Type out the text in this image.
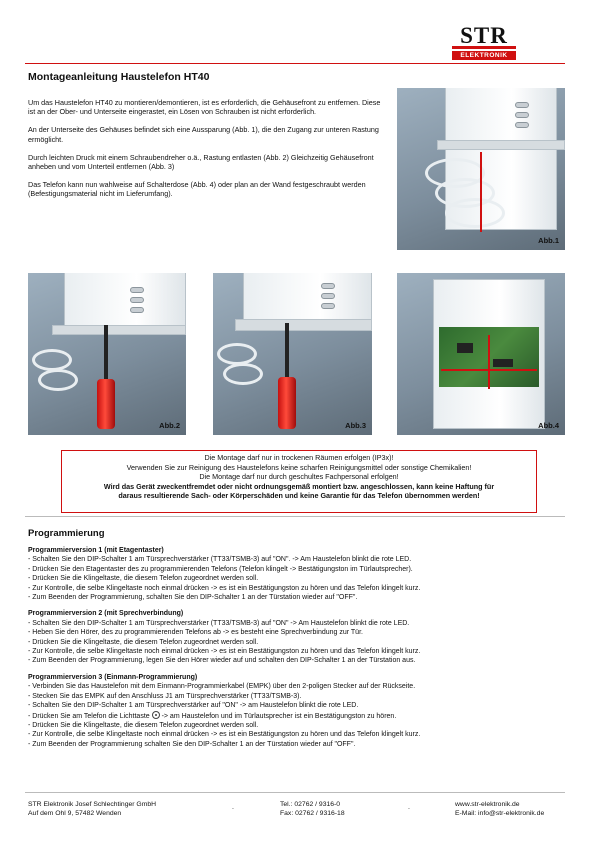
STR
ELEKTRONIK
Montageanleitung Haustelefon HT40

Um das Haustelefon HT40 zu montieren/demontieren, ist es erforderlich, die Gehäusefront zu entfernen. Diese ist an der Ober- und Unterseite eingerastet, ein Lösen von Schrauben ist nicht erforderlich.

An der Unterseite des Gehäuses befindet sich eine Aussparung (Abb. 1), die den Zugang zur unteren Rastung ermöglicht.

Durch leichten Druck mit einem Schraubendreher o.ä., Rastung entlasten (Abb. 2) Gleichzeitig Gehäusefront anheben und vom Unterteil entfernen (Abb. 3)

Das Telefon kann nun wahlweise auf Schalterdose (Abb. 4) oder plan an der Wand festgeschraubt werden (Befestigungsmaterial nicht im Lieferumfang).

Abb.1
Abb.2	Abb.3	Abb.4
Die Montage darf nur in trockenen Räumen erfolgen (IP3x)!
Verwenden Sie zur Reinigung des Haustelefons keine scharfen Reinigungsmittel oder sonstige Chemikalien!
Die Montage darf nur durch geschultes Fachpersonal erfolgen!
Wird das Gerät zweckentfremdet oder nicht ordnungsgemäß montiert bzw. angeschlossen, kann keine Haftung für
daraus resultierende Sach- oder Körperschäden und keine Garantie für das Telefon übernommen werden!
Programmierung
Programmierversion 1 (mit Etagentaster)
- Schalten Sie den DIP-Schalter 1 am Türsprechverstärker (TT33/TSMB-3) auf "ON". -> Am Haustelefon blinkt die rote LED.
- Drücken Sie den Etagentaster des zu programmierenden Telefons (Telefon klingelt -> Bestätigungston im Türlautsprecher).
- Drücken Sie die Klingeltaste, die diesem Telefon zugeordnet werden soll.
- Zur Kontrolle, die selbe Klingeltaste noch einmal drücken -> es ist ein Bestätigungston zu hören und das Telefon klingelt kurz.
- Zum Beenden der Programmierung, schalten Sie den DIP-Schalter 1 an der Türstation wieder auf "OFF".
Programmierversion 2 (mit Sprechverbindung)
- Schalten Sie den DIP-Schalter 1 am Türsprechverstärker (TT33/TSMB-3) auf "ON" -> Am Haustelefon blinkt die rote LED.
- Heben Sie den Hörer, des zu programmierenden Telefons ab -> es besteht eine Sprechverbindung zur Tür.
- Drücken Sie die Klingeltaste, die diesem Telefon zugeordnet werden soll.
- Zur Kontrolle, die selbe Klingeltaste noch einmal drücken -> es ist ein Bestätigungston zu hören und das Telefon klingelt kurz.
- Zum Beenden der Programmierung, legen Sie den Hörer wieder auf und schalten den DIP-Schalter 1 an der Türstation aus.
Programmierversion 3 (Einmann-Programmierung)
- Verbinden Sie das Haustelefon mit dem Einmann-Programmierkabel (EMPK) über den 2-poligen Stecker auf der Rückseite.
- Stecken Sie das EMPK auf den Anschluss J1 am Türsprechverstärker (TT33/TSMB-3).
- Schalten Sie den DIP-Schalter 1 am Türsprechverstärker auf "ON" -> am Haustelefon blinkt die rote LED.
- Drücken Sie am Telefon die Lichttaste -> am Haustelefon und im Türlautsprecher ist ein Bestätigungston zu hören.
- Drücken Sie die Klingeltaste, die diesem Telefon zugeordnet werden soll.
- Zur Kontrolle, die selbe Klingeltaste noch einmal drücken -> es ist ein Bestätigungston zu hören und das Telefon klingelt kurz.
- Zum Beenden der Programmierung schalten Sie den DIP-Schalter 1 an der Türstation wieder auf "OFF".
STR Elektronik Josef Schlechtinger GmbH
Auf dem Ohl 9, 57482 Wenden
.	Tel.: 02762 / 9316-0
Fax: 02762 / 9316-18
.	www.str-elektronik.de
E-Mail: info@str-elektronik.de
